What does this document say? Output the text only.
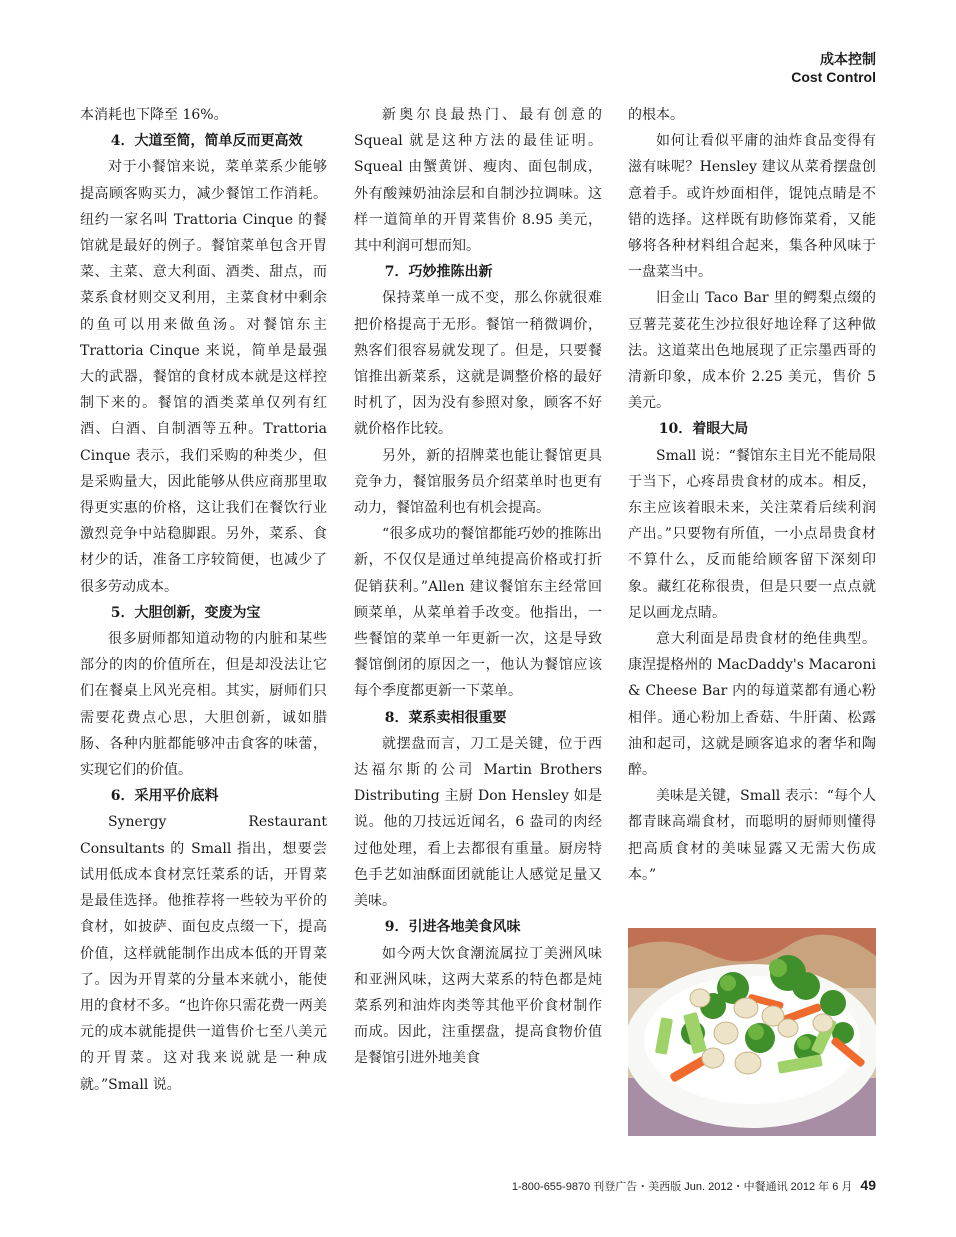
成本控制
Cost Control

本消耗也下降至 16%。

4．大道至简，简单反而更高效

对于小餐馆来说，菜单菜系少能够提高顾客购买力，减少餐馆工作消耗。纽约一家名叫 Trattoria Cinque 的餐馆就是最好的例子。餐馆菜单包含开胃菜、主菜、意大利面、酒类、甜点，而菜系食材则交叉利用，主菜食材中剩余的鱼可以用来做鱼汤。对餐馆东主 Trattoria Cinque 来说，简单是最强大的武器，餐馆的食材成本就是这样控制下来的。餐馆的酒类菜单仅列有红酒、白酒、自制酒等五种。Trattoria Cinque 表示，我们采购的种类少，但是采购量大，因此能够从供应商那里取得更实惠的价格，这让我们在餐饮行业激烈竞争中站稳脚跟。另外，菜系、食材少的话，准备工序较简便，也减少了很多劳动成本。

5．大胆创新，变废为宝

很多厨师都知道动物的内脏和某些部分的肉的价值所在，但是却没法让它们在餐桌上风光亮相。其实，厨师们只需要花费点心思，大胆创新，诚如腊肠、各种内脏都能够冲击食客的味蕾，实现它们的价值。

6．采用平价底料

Synergy Restaurant Consultants 的 Small 指出，想要尝试用低成本食材烹饪菜系的话，开胃菜是最佳选择。他推荐将一些较为平价的食材，如披萨、面包皮点缀一下，提高价值，这样就能制作出成本低的开胃菜了。因为开胃菜的分量本来就小，能使用的食材不多。“也许你只需花费一两美元的成本就能提供一道售价七至八美元的开胃菜。这对我来说就是一种成就。”Small 说。

新奥尔良最热门、最有创意的 Squeal 就是这种方法的最佳证明。Squeal 由蟹黄饼、瘦肉、面包制成，外有酸辣奶油涂层和自制沙拉调味。这样一道简单的开胃菜售价 8.95 美元，其中利润可想而知。

7．巧妙推陈出新

保持菜单一成不变，那么你就很难把价格提高于无形。餐馆一稍微调价，熟客们很容易就发现了。但是，只要餐馆推出新菜系，这就是调整价格的最好时机了，因为没有参照对象，顾客不好就价格作比较。

另外，新的招牌菜也能让餐馆更具竞争力，餐馆服务员介绍菜单时也更有动力，餐馆盈利也有机会提高。

“很多成功的餐馆都能巧妙的推陈出新，不仅仅是通过单纯提高价格或打折促销获利。”Allen 建议餐馆东主经常回顾菜单，从菜单着手改变。他指出，一些餐馆的菜单一年更新一次，这是导致餐馆倒闭的原因之一，他认为餐馆应该每个季度都更新一下菜单。

8．菜系卖相很重要

就摆盘而言，刀工是关键，位于西达福尔斯的公司 Martin Brothers Distributing 主厨 Don Hensley 如是说。他的刀技远近闻名，6 盎司的肉经过他处理，看上去都很有重量。厨房特色手艺如油酥面团就能让人感觉足量又美味。

9．引进各地美食风味

如今两大饮食潮流属拉丁美洲风味和亚洲风味，这两大菜系的特色都是炖菜系列和油炸肉类等其他平价食材制作而成。因此，注重摆盘，提高食物价值是餐馆引进外地美食

的根本。

如何让看似平庸的油炸食品变得有滋有味呢？Hensley 建议从菜肴摆盘创意着手。或许炒面相伴，馄饨点睛是不错的选择。这样既有助修饰菜肴，又能够将各种材料组合起来，集各种风味于一盘菜当中。

旧金山 Taco Bar 里的鳄梨点缀的豆薯芫荽花生沙拉很好地诠释了这种做法。这道菜出色地展现了正宗墨西哥的清新印象，成本价 2.25 美元，售价 5 美元。

10．着眼大局

Small 说：“餐馆东主目光不能局限于当下，心疼昂贵食材的成本。相反，东主应该着眼未来，关注菜肴后续利润产出。”只要物有所值，一小点昂贵食材不算什么，反而能给顾客留下深刻印象。藏红花称很贵，但是只要一点点就足以画龙点睛。

意大利面是昂贵食材的绝佳典型。康涅提格州的 MacDaddy's Macaroni & Cheese Bar 内的每道菜都有通心粉相伴。通心粉加上香菇、牛肝菌、松露油和起司，这就是顾客追求的奢华和陶醉。

美味是关键，Small 表示：“每个人都青睐高端食材，而聪明的厨师则懂得把高质食材的美味显露又无需大伤成本。”

1-800-655-9870 刊登广告・美西版 Jun. 2012・中餐通讯 2012 年 6 月 49
